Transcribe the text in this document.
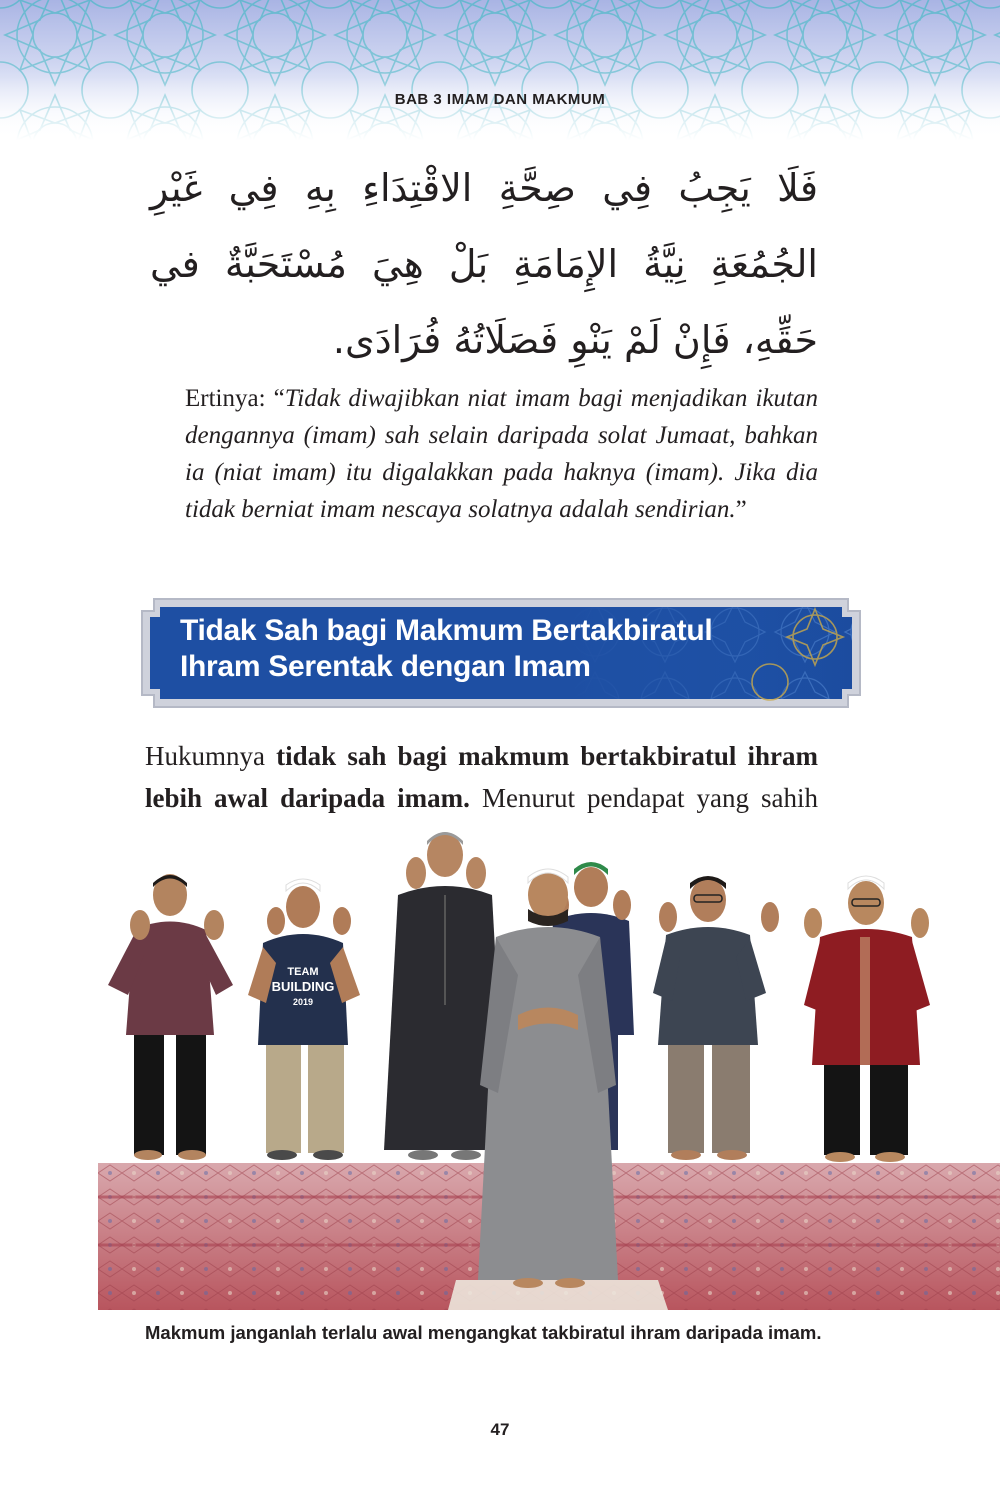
BAB 3 IMAM DAN MAKMUM
فَلَا يَجِبُ فِي صِحَّةِ الاقْتِدَاءِ بِهِ فِي غَيْرِ الجُمُعَةِ نِيَّةُ الإِمَامَةِ بَلْ هِيَ مُسْتَحَبَّةٌ في حَقِّهِ، فَإِنْ لَمْ يَنْوِ فَصَلَاتُهُ فُرَادَى.
Ertinya: “Tidak diwajibkan niat imam bagi menjadikan ikutan dengannya (imam) sah selain daripada solat Jumaat, bahkan ia (niat imam) itu digalakkan pada haknya (imam). Jika dia tidak berniat imam nescaya solatnya adalah sendirian.”
Tidak Sah bagi Makmum Bertakbiratul
Ihram Serentak dengan Imam
Hukumnya tidak sah bagi makmum bertakbiratul ihram lebih awal daripada imam. Menurut pendapat yang sahih
TEAM
BUILDING
2019
Makmum janganlah terlalu awal mengangkat takbiratul ihram daripada imam.
47
